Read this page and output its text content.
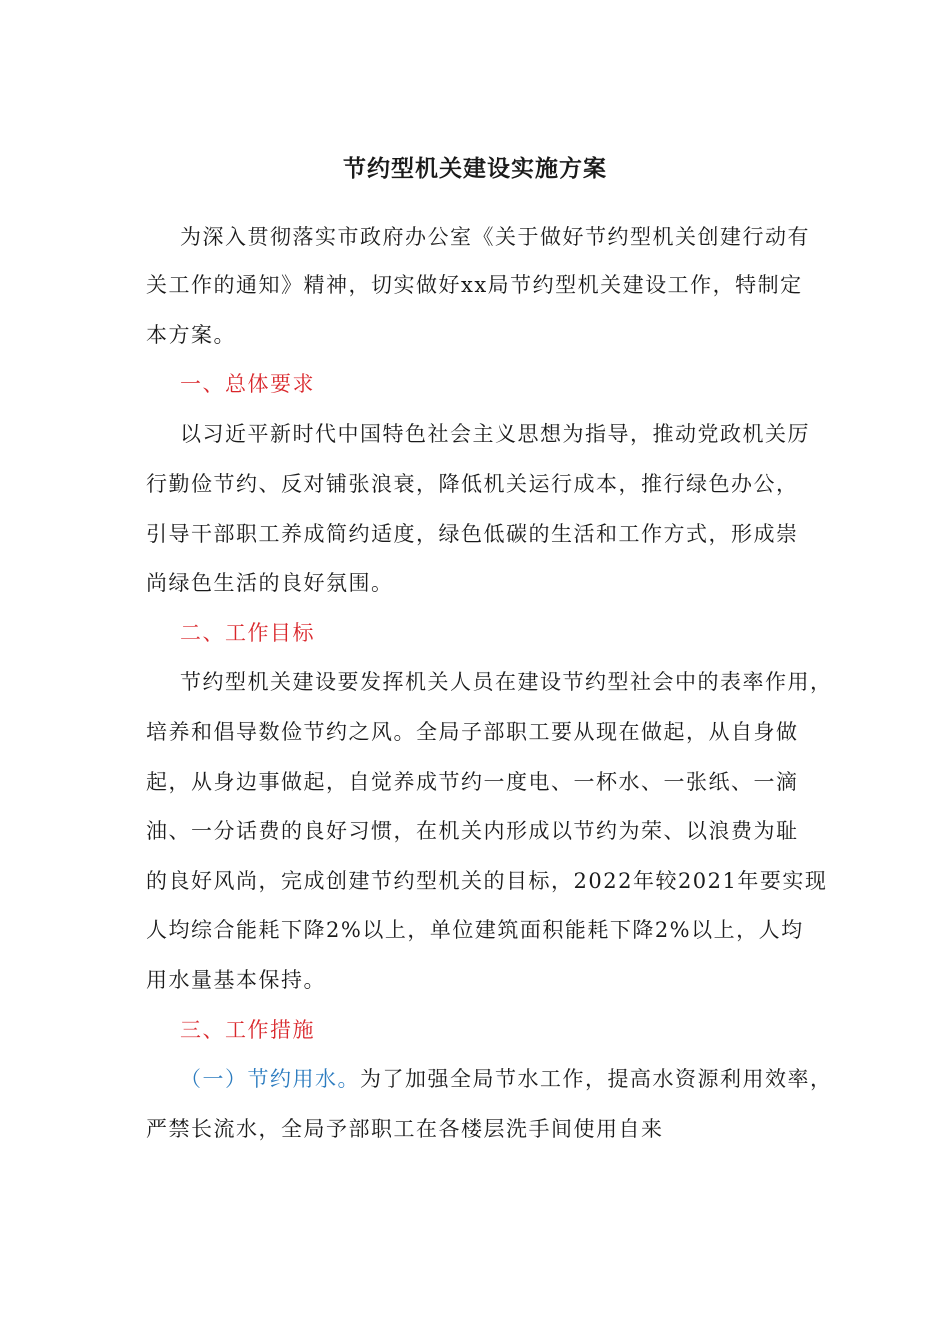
节约型机关建设实施方案
为深入贯彻落实市政府办公室《关于做好节约型机关创建行动有
关工作的通知》精神，切实做好xx局节约型机关建设工作，特制定
本方案。
一、总体要求
以习近平新时代中国特色社会主义思想为指导，推动党政机关厉
行勤俭节约、反对铺张浪衰，降低机关运行成本，推行绿色办公，
引导干部职工养成简约适度，绿色低碳的生活和工作方式，形成崇
尚绿色生活的良好氛围。
二、工作目标
节约型机关建设要发挥机关人员在建设节约型社会中的表率作用，
培养和倡导数俭节约之风。全局子部职工要从现在做起，从自身做
起，从身边事做起，自觉养成节约一度电、一杯水、一张纸、一滴
油、一分话费的良好习惯，在机关内形成以节约为荣、以浪费为耻
的良好风尚，完成创建节约型机关的目标，2022年较2021年要实现
人均综合能耗下降2%以上，单位建筑面积能耗下降2%以上，人均
用水量基本保持。
三、工作措施
（一）节约用水。为了加强全局节水工作，提高水资源利用效率，
严禁长流水，全局予部职工在各楼层洗手间使用自来
